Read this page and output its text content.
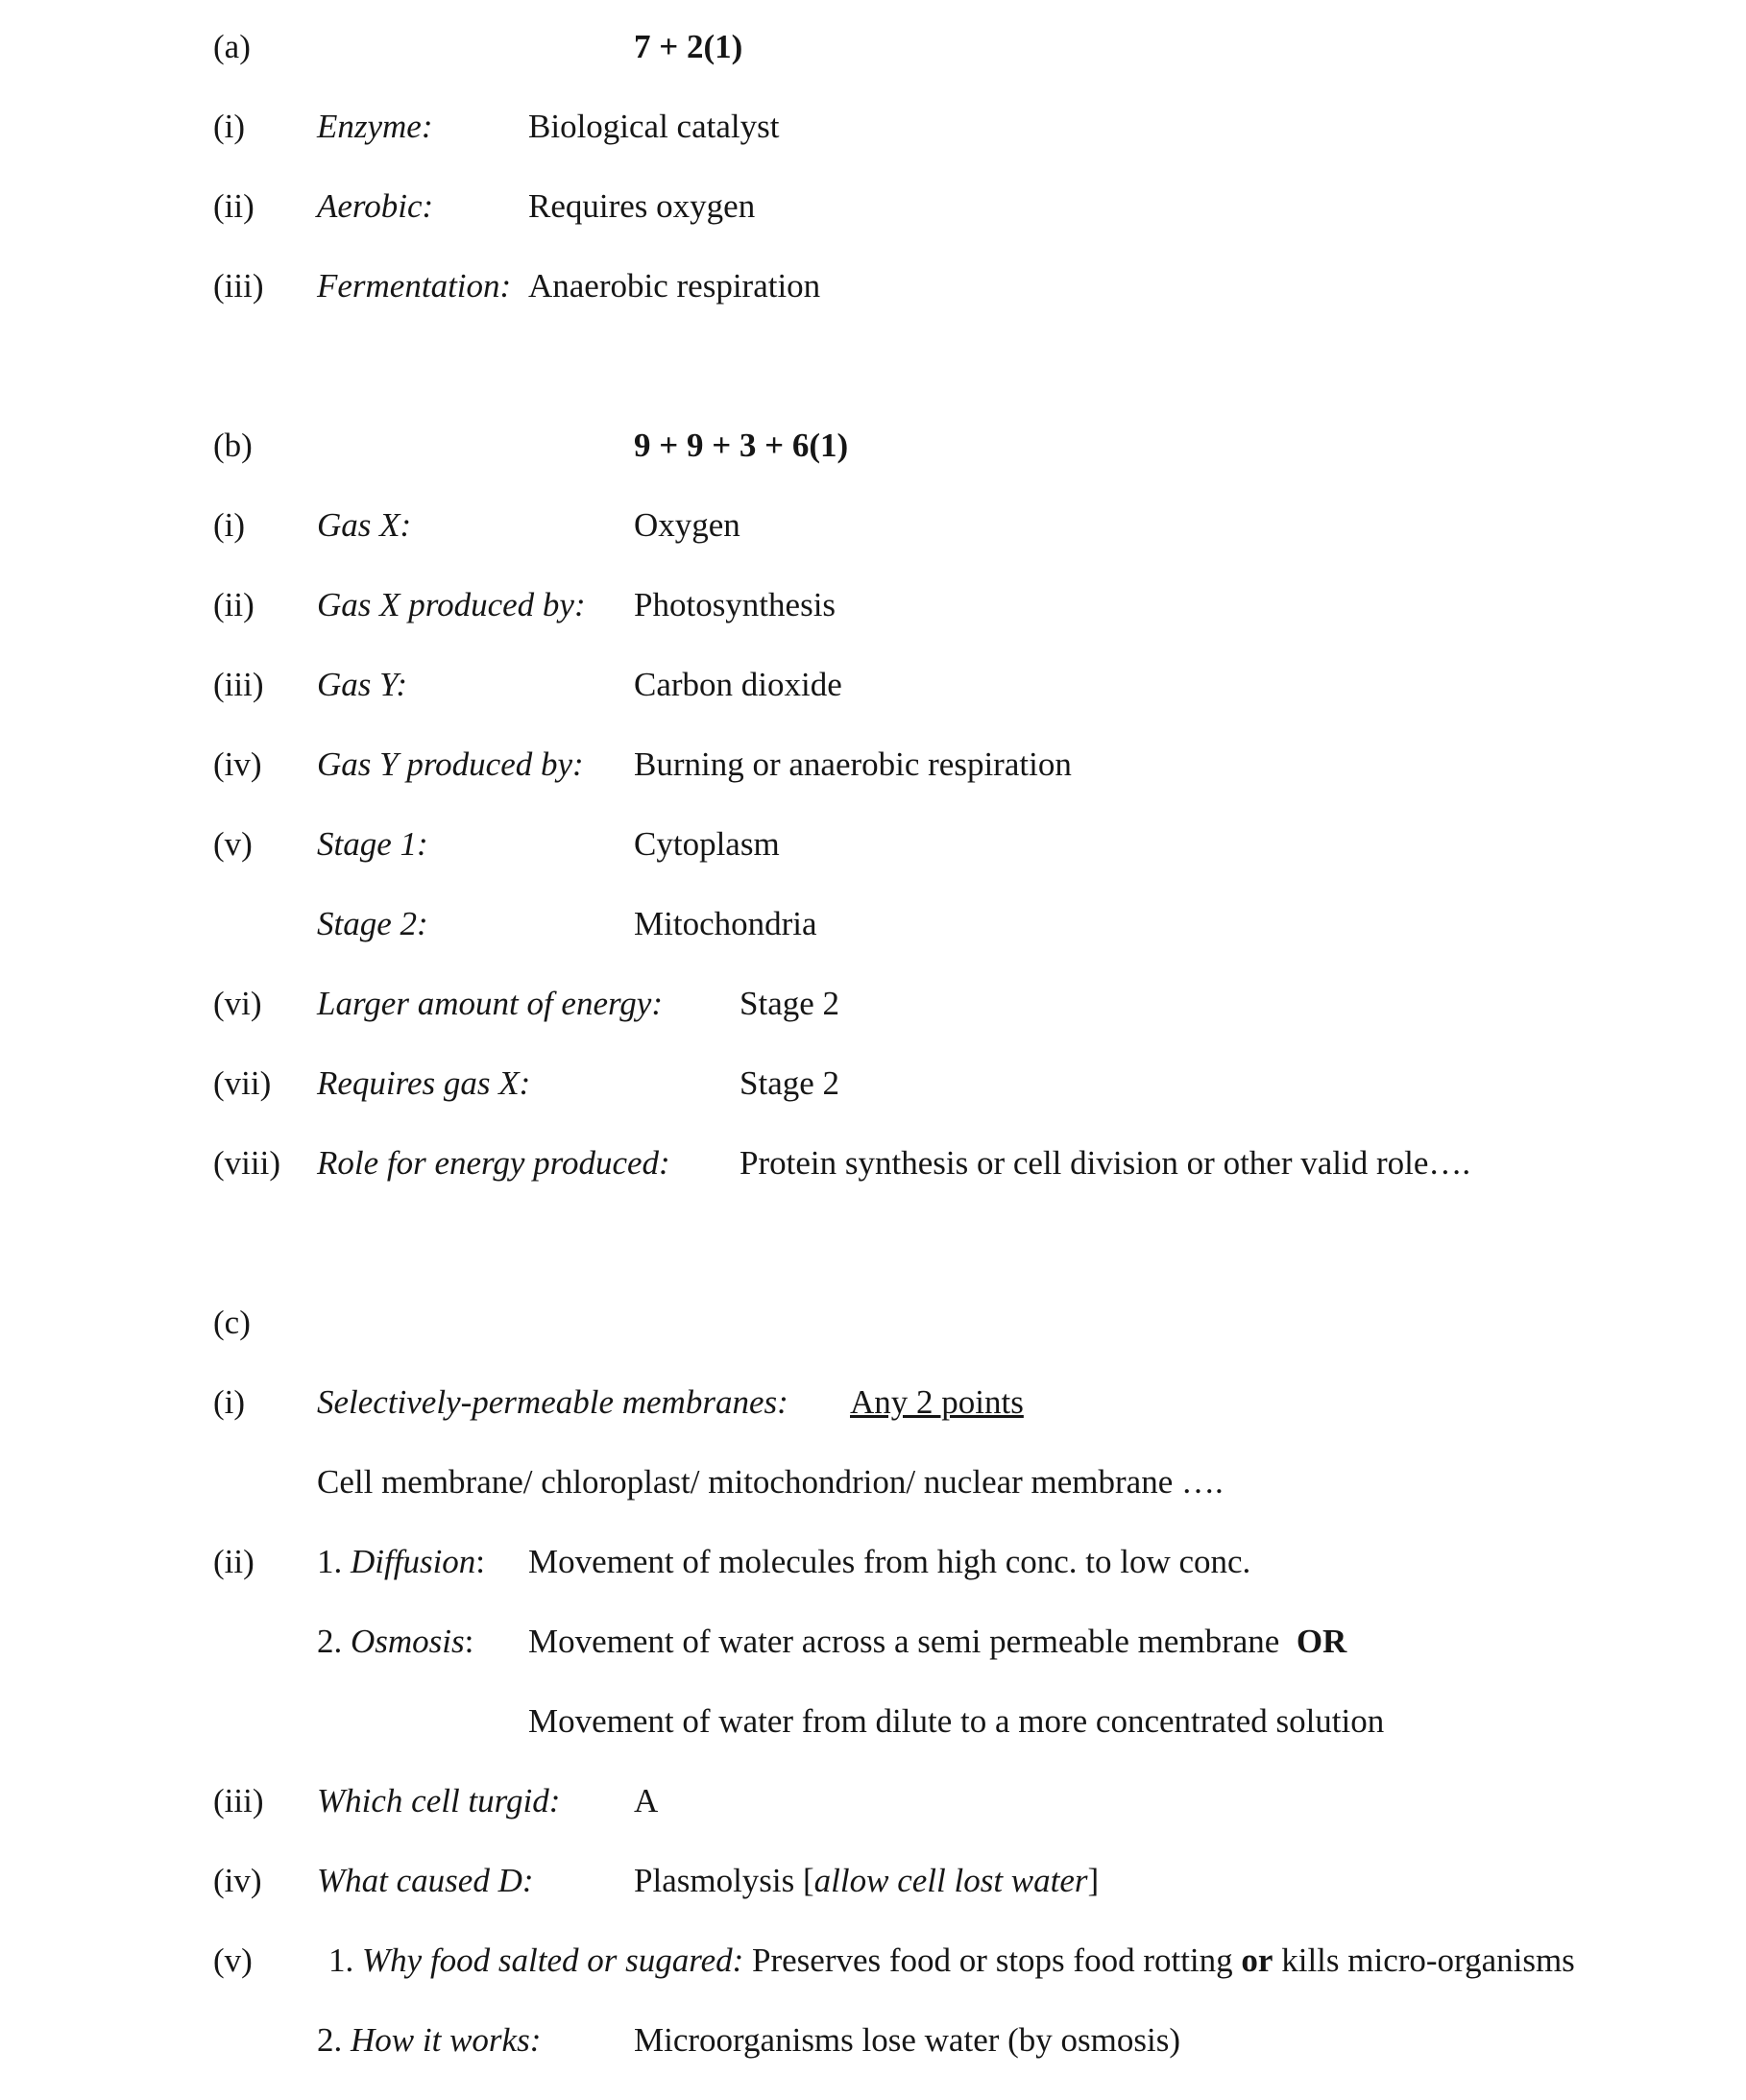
(a)	7 + 2(1)
(i) Enzyme:	Biological catalyst
(ii) Aerobic:	Requires oxygen
(iii) Fermentation: Anaerobic respiration
(b)	9 + 9 + 3 + 6(1)
(i) Gas X:	Oxygen
(ii) Gas X produced by: Photosynthesis
(iii) Gas Y:	Carbon dioxide
(iv) Gas Y produced by: Burning or anaerobic respiration
(v) Stage 1:	Cytoplasm
Stage 2:	Mitochondria
(vi) Larger amount of energy: Stage 2
(vii) Requires gas X:	Stage 2
(viii) Role for energy produced: Protein synthesis or cell division or other valid role….
(c)
(i) Selectively-permeable membranes: Any 2 points
Cell membrane/ chloroplast/ mitochondrion/ nuclear membrane ….
(ii) 1. Diffusion: Movement of molecules from high conc. to low conc.
2. Osmosis: Movement of water across a semi permeable membrane  OR
Movement of water from dilute to a more concentrated solution
(iii) Which cell turgid: A
(iv) What caused D:	Plasmolysis [allow cell lost water]
(v) 1. Why food salted or sugared: Preserves food or stops food rotting or kills micro-organisms
2. How it works:	Microorganisms lose water (by osmosis)
